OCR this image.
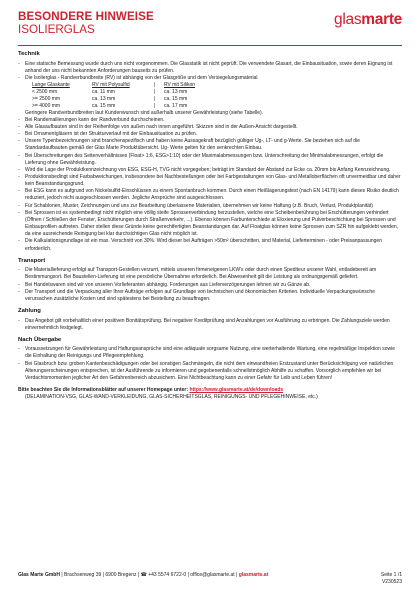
BESONDERE HINWEISE
ISOLIERGLAS
glasmarte
Technik

- Eine statische Bemessung wurde durch uns nicht vorgenommen. Die Glasstatik ist nicht geprüft. Die verwendete Glasart, die Einbausituation, sowie deren Eignung ist anhand der uns nicht bekannten Anforderungen bauseits zu prüfen.

- Die Isolierglas - Randverbundbreite (RV) ist abhängig von der Glasgröße und dem Versiegelungsmaterial

Lange Glaskante	RV mit Polysulfid	|	RV mit Silikon
< 2500 mm	ca. 11 mm	|	ca. 13 mm
>= 2500 mm	ca. 13 mm	|	ca. 15 mm
>= 4000 mm	ca. 15 mm	|	ca. 17 mm

Geringere Randverbundbreiten laut Kundenwunsch sind außerhalb unserer Gewährleistung (siehe Tabelle).

- Bei Randemailierungen kann der Randverbund durchscheinen.

- Alle Glasaufbauten sind in der Reihenfolge von außen nach innen angeführt. Skizzen sind in der Außen-Ansicht dargestellt.

- Bei Ornamentgläsern ist der Strukturverlauf mit der Einbausituation zu prüfen.

- Unsere Typenbezeichnungen sind branchenspezifisch und haben keine Aussagekraft bezüglich gültiger Ug-, LT- und g-Werte. Sie beziehen sich auf die Standardaufbauten gemäß der Glas Marte Produktübersicht. Ug- Werte gelten für den senkrechten Einbau.

- Bei Überschreitungen des Seitenverhältnisses (Float> 1:6, ESG>1:10) oder der Maximalabmessungen bzw. Unterschreitung der Minimalabmessungen, erfolgt die Lieferung ohne Gewährleistung.

- Wird die Lage der Produktkennzeichnung von ESG, ESG-H, TVG nicht vorgegeben; beträgt im Standard der Abstand zur Ecke ca. 20mm bis Anfang Kennzeichnung.

- Produktionsbedingt sind Farbabweichungen, insbesondere bei Nachbestellungen oder bei Farbgestaltungen von Glas- und Metalloberflächen oft unvermeidbar und daher kein Beanstandungsgrund.

- Bei ESG kann es aufgrund von Nickelsulfid-Einschlüssen zu einem Spontanbruch kommen. Durch einen Heißlagerungstest (nach EN 14179) kann dieses Risiko deutlich reduziert, jedoch nicht ausgeschlossen werden. Jegliche Ansprüche sind ausgeschlossen.

- Für Schablonen, Muster, Zeichnungen und uns zur Bearbeitung überlassene Materialien, übernehmen wir keine Haftung (z.B. Bruch, Verlust, Produktplanität)

- Bei Sprossen ist es systembedingt nicht möglich eine völlig steife Sprossenverbindung herzustellen, welche eine Scheibenberührung bei Erschütterungen verhindert (Öffnen / Schließen der Fenster, Erschütterungen durch Straßenverkehr, ...). Ebenso können Farbunterschiede at Eloxierung und Pulverbeschichtung bei Sprossen und Einbauprofilen auftreten. Daher stellen diese Gründe keine gerechtfertigten Beanstandungen dar. Auf Floatglas können keine Sprossen zum SZR hin aufgeklebt werden, da eine ausreichende Reinigung bei klar durchsichtigen Glas nicht möglich ist.

- Die Kalkulationsgrundlage ist ein max. Verschnitt von 30%. Wird dieser bei Aufträgen >50m² überschritten, sind Material, Lieferterminen - oder Preisanpassungen erforderlich.

Transport

- Die Materiallieferung erfolgt auf Transport-Gestellen verzurrt, mittels unseren firmeneigenen LKW's oder durch einen Spediteur unserer Wahl, entladebereit am Bestimmungsort. Bei Baustellen-Lieferung ist eine persönliche Übernahme erforderlich. Bei Abwesenheit gilt die Leistung als ordnungsgemäß geliefert.

- Bei Handelswaren sind wir von unseren Vorlieferanten abhängig. Forderungen aus Lieferverzögerungen lehnen wir zu Gänze ab.

- Der Transport und die Verpackung aller Ihrer Aufträge erfolgen auf Grundlage von technischen und ökonomischen Kriterien. Individuelle Verpackungswünsche verursachen zusätzliche Kosten und sind spätestens bei Bestellung zu beauftragen.

Zahlung

- Das Angebot gilt vorbehaltlich einer positiven Bonitätsprüfung. Bei negativer Kreditprüfung sind Anzahlungen vor Ausführung zu erbringen. Die Zahlungsziele werden einvernehmlich festgelegt.

Nach Übergabe

- Voraussetzungen für Gewährleistung und Haftungsansprüche sind eine adäquate sorgsame Nutzung, eine werterhaltende Wartung, eine regelmäßige Inspektion sowie die Einhaltung der Reinigungs und Pflegeempfehlung.

- Bei Glasbruch bzw. groben Kantenbeschädigungen oder bei sonstigen Sachmängeln, die nicht dem einwandfreien Erstzustand unter Berücksichtigung von natürlichen Alterungserscheinungen entsprechen, ist der Ausführende zu informieren und gegebenenfalls schnellstmöglich Abhilfe zu schaffen. Vorsorglich empfehlen wir bei Verdachtsmomenten jeglicher Art den Gefahrenbereich abzusichern. Eine Nichtbeachtung kann zu einer Gefahr für Leib und Leben führen!

Bitte beachten Sie die Informationsblätter auf unserer Homepage unter: https://www.glasmarte.at/de/downloads

(DELAMINATION-VSG, GLAS-WAND-VERKLEIDUNG, GLAS-SICHERHEITSGLAS, REINIGUNGS- UND PFLEGEHINWEISE, etc.)

Glas Marte GmbH | Brachsenweg 39 | 6900 Bregenz | ☎ +43 5574 6722-0 | office@glasmarte.at | glasmarte.at	Seite 1 /1
V230523
